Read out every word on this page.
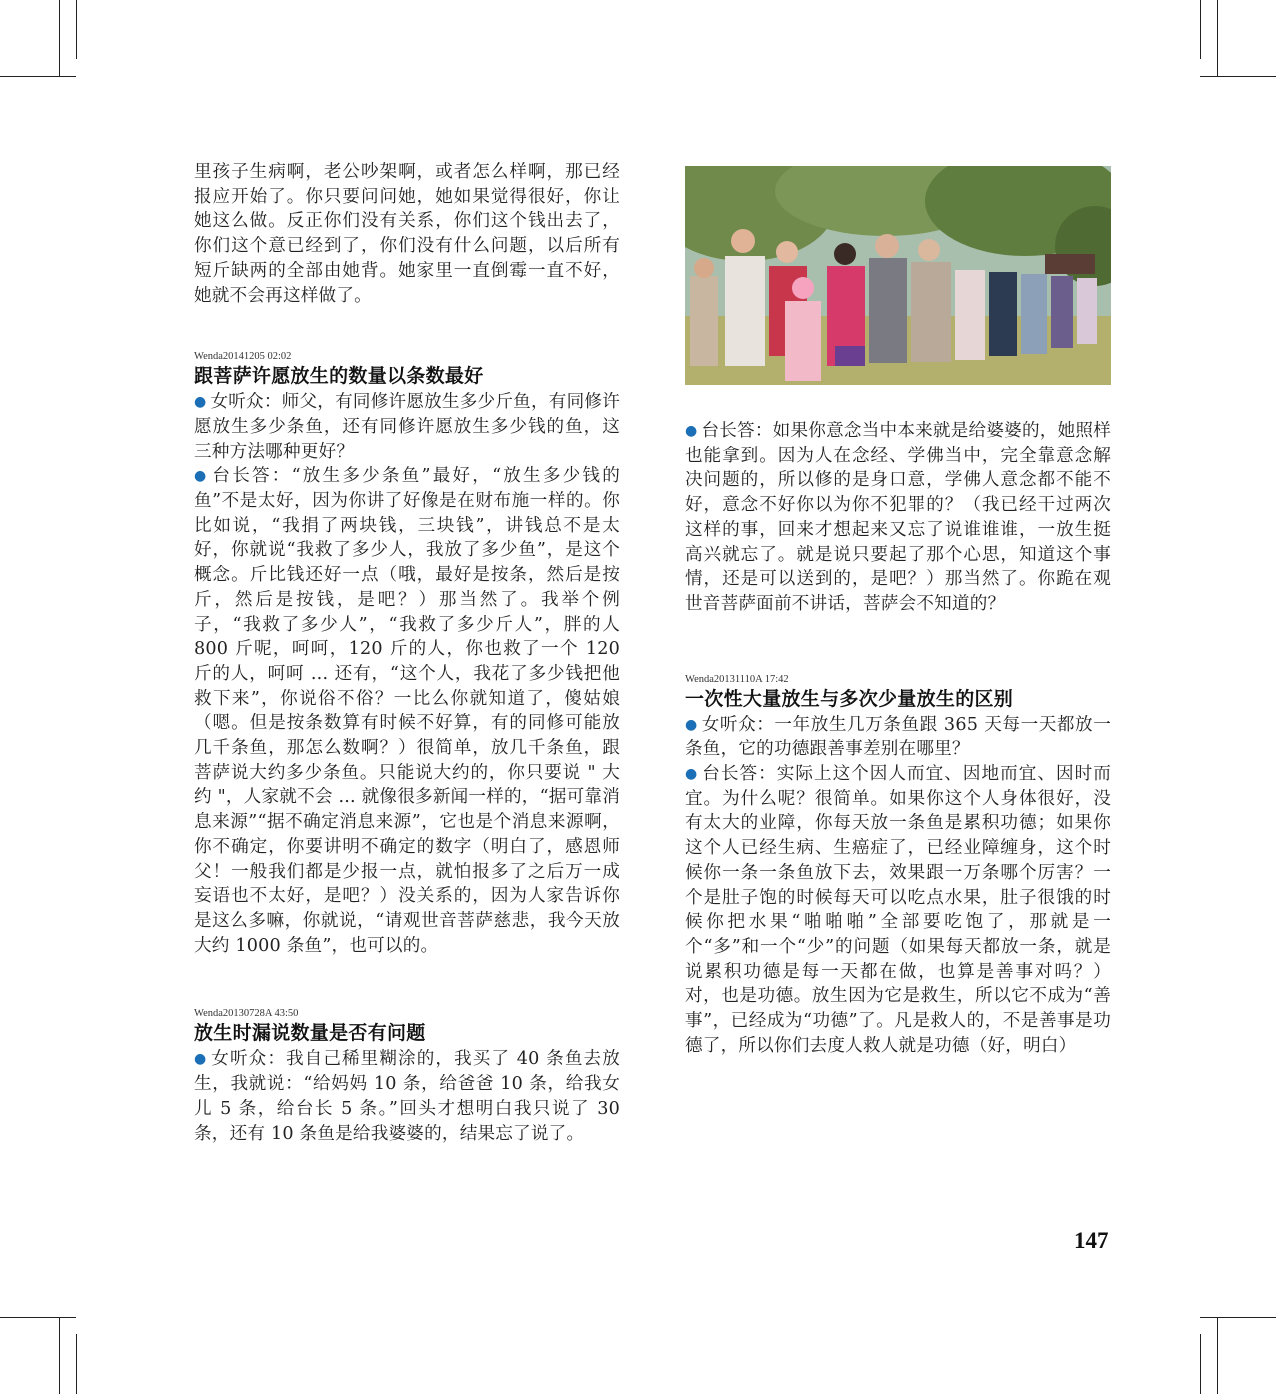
里孩子生病啊，老公吵架啊，或者怎么样啊，那已经报应开始了。你只要问问她，她如果觉得很好，你让她这么做。反正你们没有关系，你们这个钱出去了，你们这个意已经到了，你们没有什么问题，以后所有短斤缺两的全部由她背。她家里一直倒霉一直不好，她就不会再这样做了。

Wenda20141205 02:02

跟菩萨许愿放生的数量以条数最好

● 女听众：师父，有同修许愿放生多少斤鱼，有同修许愿放生多少条鱼，还有同修许愿放生多少钱的鱼，这三种方法哪种更好？

● 台长答：“放生多少条鱼”最好，“放生多少钱的鱼”不是太好，因为你讲了好像是在财布施一样的。你比如说，“我捐了两块钱，三块钱”，讲钱总不是太好，你就说“我救了多少人，我放了多少鱼”，是这个概念。斤比钱还好一点（哦，最好是按条，然后是按斤，然后是按钱，是吧？）那当然了。我举个例子，“我救了多少人”，“我救了多少斤人”，胖的人 800 斤呢，呵呵，120 斤的人，你也救了一个 120 斤的人，呵呵 ... 还有，“这个人，我花了多少钱把他救下来”，你说俗不俗？一比么你就知道了，傻姑娘（嗯。但是按条数算有时候不好算，有的同修可能放几千条鱼，那怎么数啊？）很简单，放几千条鱼，跟菩萨说大约多少条鱼。只能说大约的，你只要说 " 大约 "，人家就不会 ... 就像很多新闻一样的，“据可靠消息来源”“据不确定消息来源”，它也是个消息来源啊，你不确定，你要讲明不确定的数字（明白了，感恩师父！一般我们都是少报一点，就怕报多了之后万一成妄语也不太好，是吧？）没关系的，因为人家告诉你是这么多嘛，你就说，“请观世音菩萨慈悲，我今天放大约 1000 条鱼”，也可以的。

Wenda20130728A 43:50

放生时漏说数量是否有问题

● 女听众：我自己稀里糊涂的，我买了 40 条鱼去放生，我就说：“给妈妈 10 条，给爸爸 10 条，给我女儿 5 条，给台长 5 条。”回头才想明白我只说了 30 条，还有 10 条鱼是给我婆婆的，结果忘了说了。

● 台长答：如果你意念当中本来就是给婆婆的，她照样也能拿到。因为人在念经、学佛当中，完全靠意念解决问题的，所以修的是身口意，学佛人意念都不能不好，意念不好你以为你不犯罪的？（我已经干过两次这样的事，回来才想起来又忘了说谁谁谁，一放生挺高兴就忘了。就是说只要起了那个心思，知道这个事情，还是可以送到的，是吧？）那当然了。你跪在观世音菩萨面前不讲话，菩萨会不知道的？

Wenda20131110A 17:42

一次性大量放生与多次少量放生的区别

● 女听众：一年放生几万条鱼跟 365 天每一天都放一条鱼，它的功德跟善事差别在哪里？

● 台长答：实际上这个因人而宜、因地而宜、因时而宜。为什么呢？很简单。如果你这个人身体很好，没有太大的业障，你每天放一条鱼是累积功德；如果你这个人已经生病、生癌症了，已经业障缠身，这个时候你一条一条鱼放下去，效果跟一万条哪个厉害？一个是肚子饱的时候每天可以吃点水果，肚子很饿的时候你把水果“啪啪啪”全部要吃饱了，那就是一个“多”和一个“少”的问题（如果每天都放一条，就是说累积功德是每一天都在做，也算是善事对吗？）对，也是功德。放生因为它是救生，所以它不成为“善事”，已经成为“功德”了。凡是救人的，不是善事是功德了，所以你们去度人救人就是功德（好，明白）

147
